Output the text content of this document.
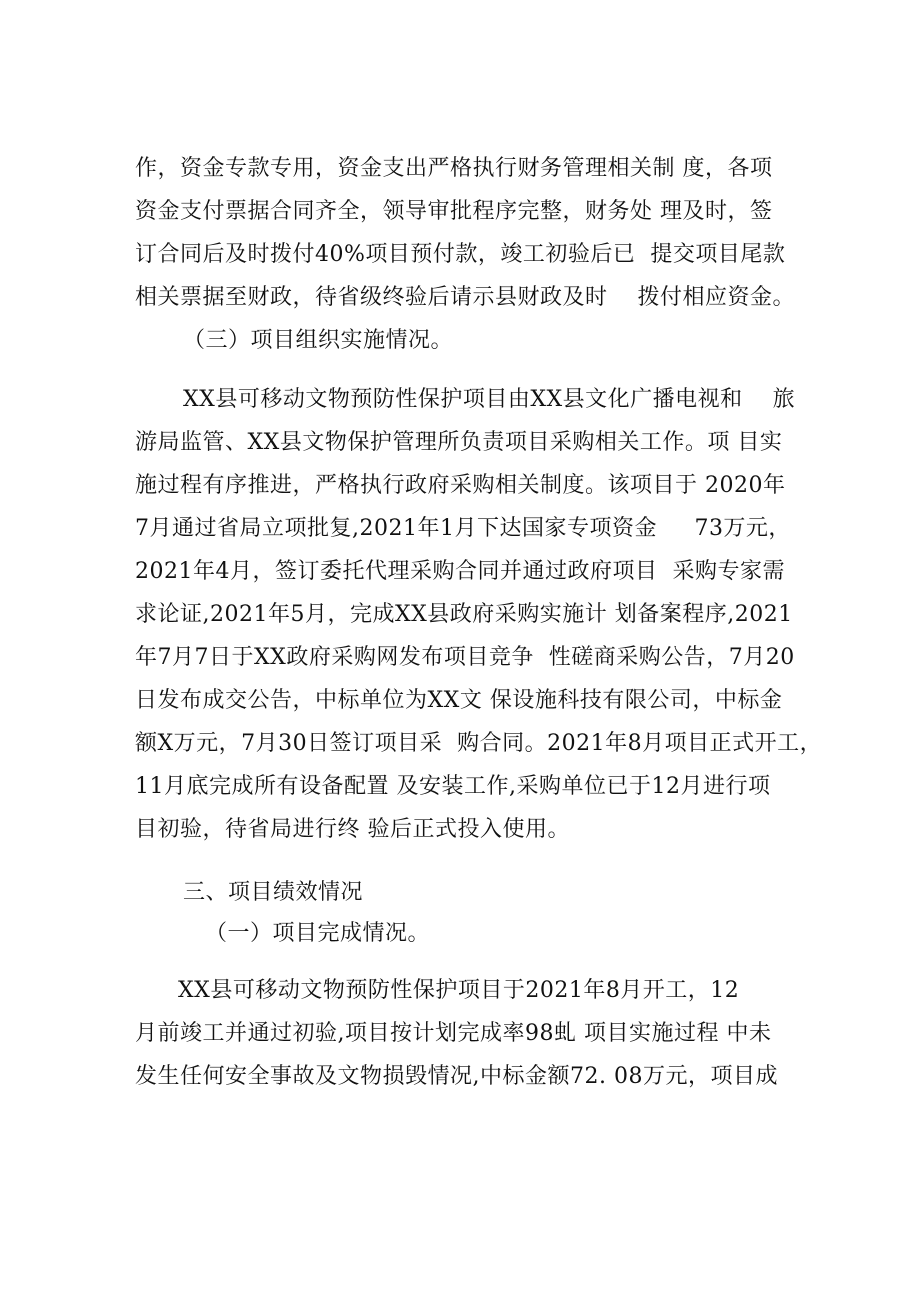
作，资金专款专用，资金支出严格执行财务管理相关制 度，各项
资金支付票据合同齐全，领导审批程序完整，财务处 理及时，签
订合同后及时拨付40%项目预付款，竣工初验后已  提交项目尾款
相关票据至财政，待省级终验后请示县财政及时    拨付相应资金。
（三）项目组织实施情况。
XX县可移动文物预防性保护项目由XX县文化广播电视和    旅
游局监管、XX县文物保护管理所负责项目采购相关工作。项 目实
施过程有序推进，严格执行政府采购相关制度。该项目于 2020年
7月通过省局立项批复,2021年1月下达国家专项资金     73万元，
2021年4月，签订委托代理采购合同并通过政府项目  采购专家需
求论证,2021年5月，完成XX县政府采购实施计 划备案程序,2021
年7月7日于XX政府采购网发布项目竞争  性磋商采购公告，7月20
日发布成交公告，中标单位为XX文 保设施科技有限公司，中标金
额X万元，7月30日签订项目采  购合同。2021年8月项目正式开工，
11月底完成所有设备配置 及安装工作,采购单位已于12月进行项
目初验，待省局进行终 验后正式投入使用。
三、项目绩效情况
（一）项目完成情况。
XX县可移动文物预防性保护项目于2021年8月开工，12
月前竣工并通过初验,项目按计划完成率98虬 项目实施过程 中未
发生任何安全事故及文物损毁情况,中标金额72. 08万元，项目成
